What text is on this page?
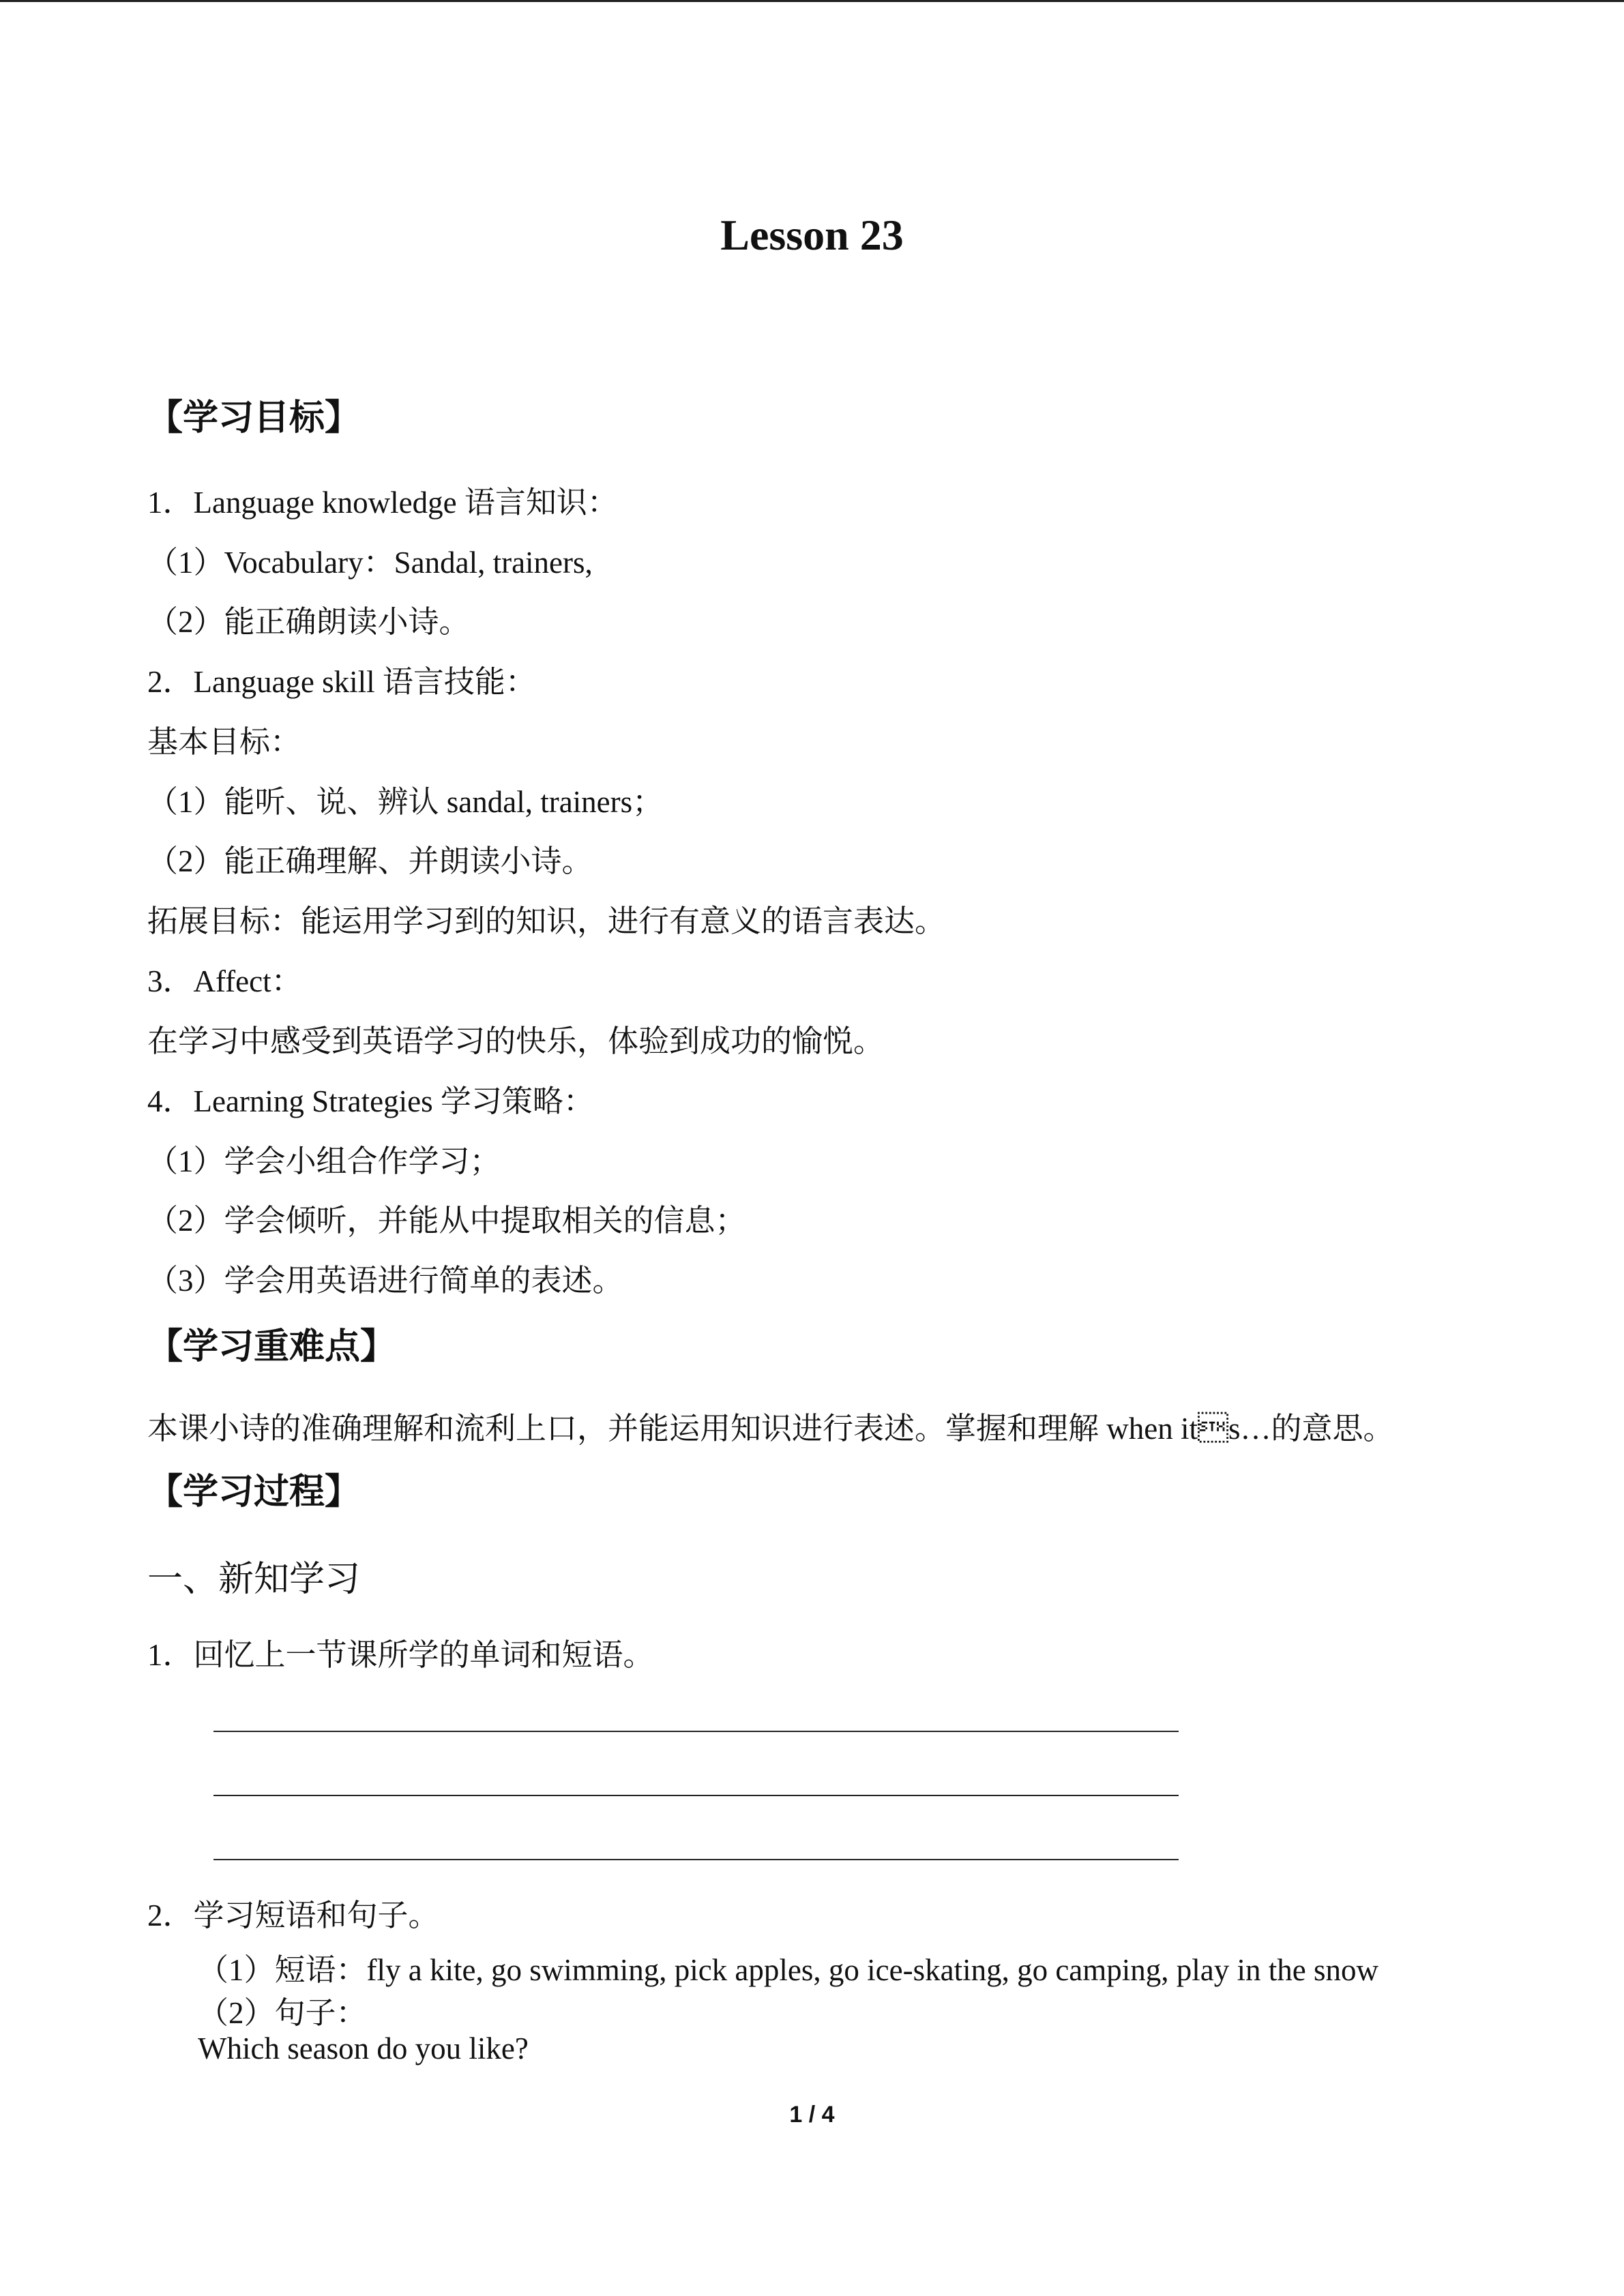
Lesson 23
【学习目标】
1．Language knowledge 语言知识：
（1）Vocabulary：Sandal, trainers,
（2）能正确朗读小诗。
2．Language skill 语言技能：
基本目标：
（1）能听、说、辨认 sandal, trainers；
（2）能正确理解、并朗读小诗。
拓展目标：能运用学习到的知识，进行有意义的语言表达。
3．Affect：
在学习中感受到英语学习的快乐，体验到成功的愉悦。
4．Learning Strategies 学习策略：
（1）学会小组合作学习；
（2）学会倾听，并能从中提取相关的信息；
（3）学会用英语进行简单的表述。
【学习重难点】
本课小诗的准确理解和流利上口，并能运用知识进行表述。掌握和理解 when its…的意思。
【学习过程】
一、新知学习
1．回忆上一节课所学的单词和短语。
2．学习短语和句子。
（1）短语：fly a kite, go swimming, pick apples, go ice-skating, go camping, play in the snow
（2）句子：
Which season do you like?
1 / 4
